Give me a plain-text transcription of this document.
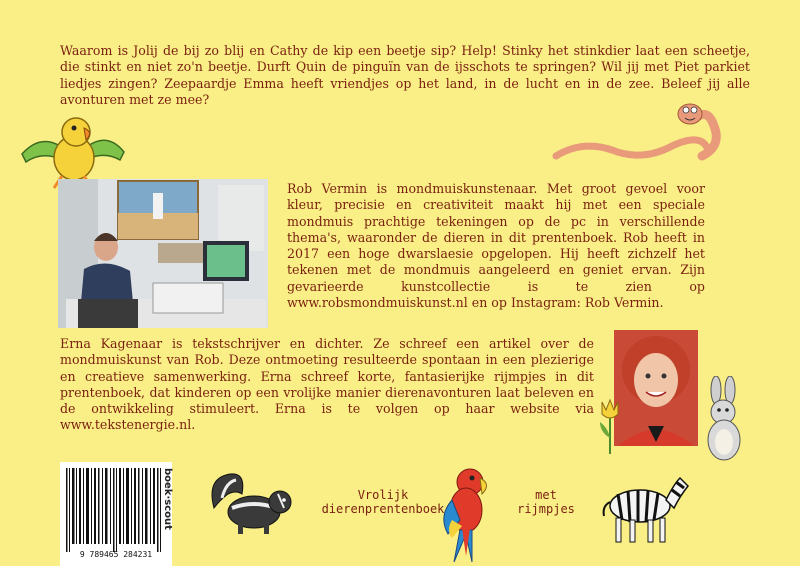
Waarom is Jolij de bij zo blij en Cathy de kip een beetje sip? Help! Stinky het stinkdier laat een scheetje, die stinkt en niet zo'n beetje. Durft Quin de pinguïn van de ijsschots te springen? Wil jij met Piet parkiet liedjes zingen? Zeepaardje Emma heeft vriendjes op het land, in de lucht en in de zee. Beleef jij alle avonturen met ze mee?

Rob Vermin is mondmuiskunstenaar. Met groot gevoel voor kleur, precisie en creativiteit maakt hij met een speciale mondmuis prachtige tekeningen op de pc in verschillende thema's, waaronder de dieren in dit prentenboek. Rob heeft in 2017 een hoge dwarslaesie opgelopen. Hij heeft zichzelf het tekenen met de mondmuis aangeleerd en geniet ervan. Zijn gevarieerde kunstcollectie is te zien op www.robsmondmuiskunst.nl en op Instagram: Rob Vermin.

Erna Kagenaar is tekstschrijver en dichter. Ze schreef een artikel over de mondmuiskunst van Rob. Deze ontmoeting resulteerde spontaan in een plezierige en creatieve samenwerking. Erna schreef korte, fantasierijke rijmpjes in dit prentenboek, dat kinderen op een vrolijke manier dierenavonturen laat beleven en de ontwikkeling stimuleert. Erna is te volgen op haar website via www.tekstenergie.nl.

9 789465 284231
boek·scout	Vrolijk
dierenprentenboek
met
rijmpjes
